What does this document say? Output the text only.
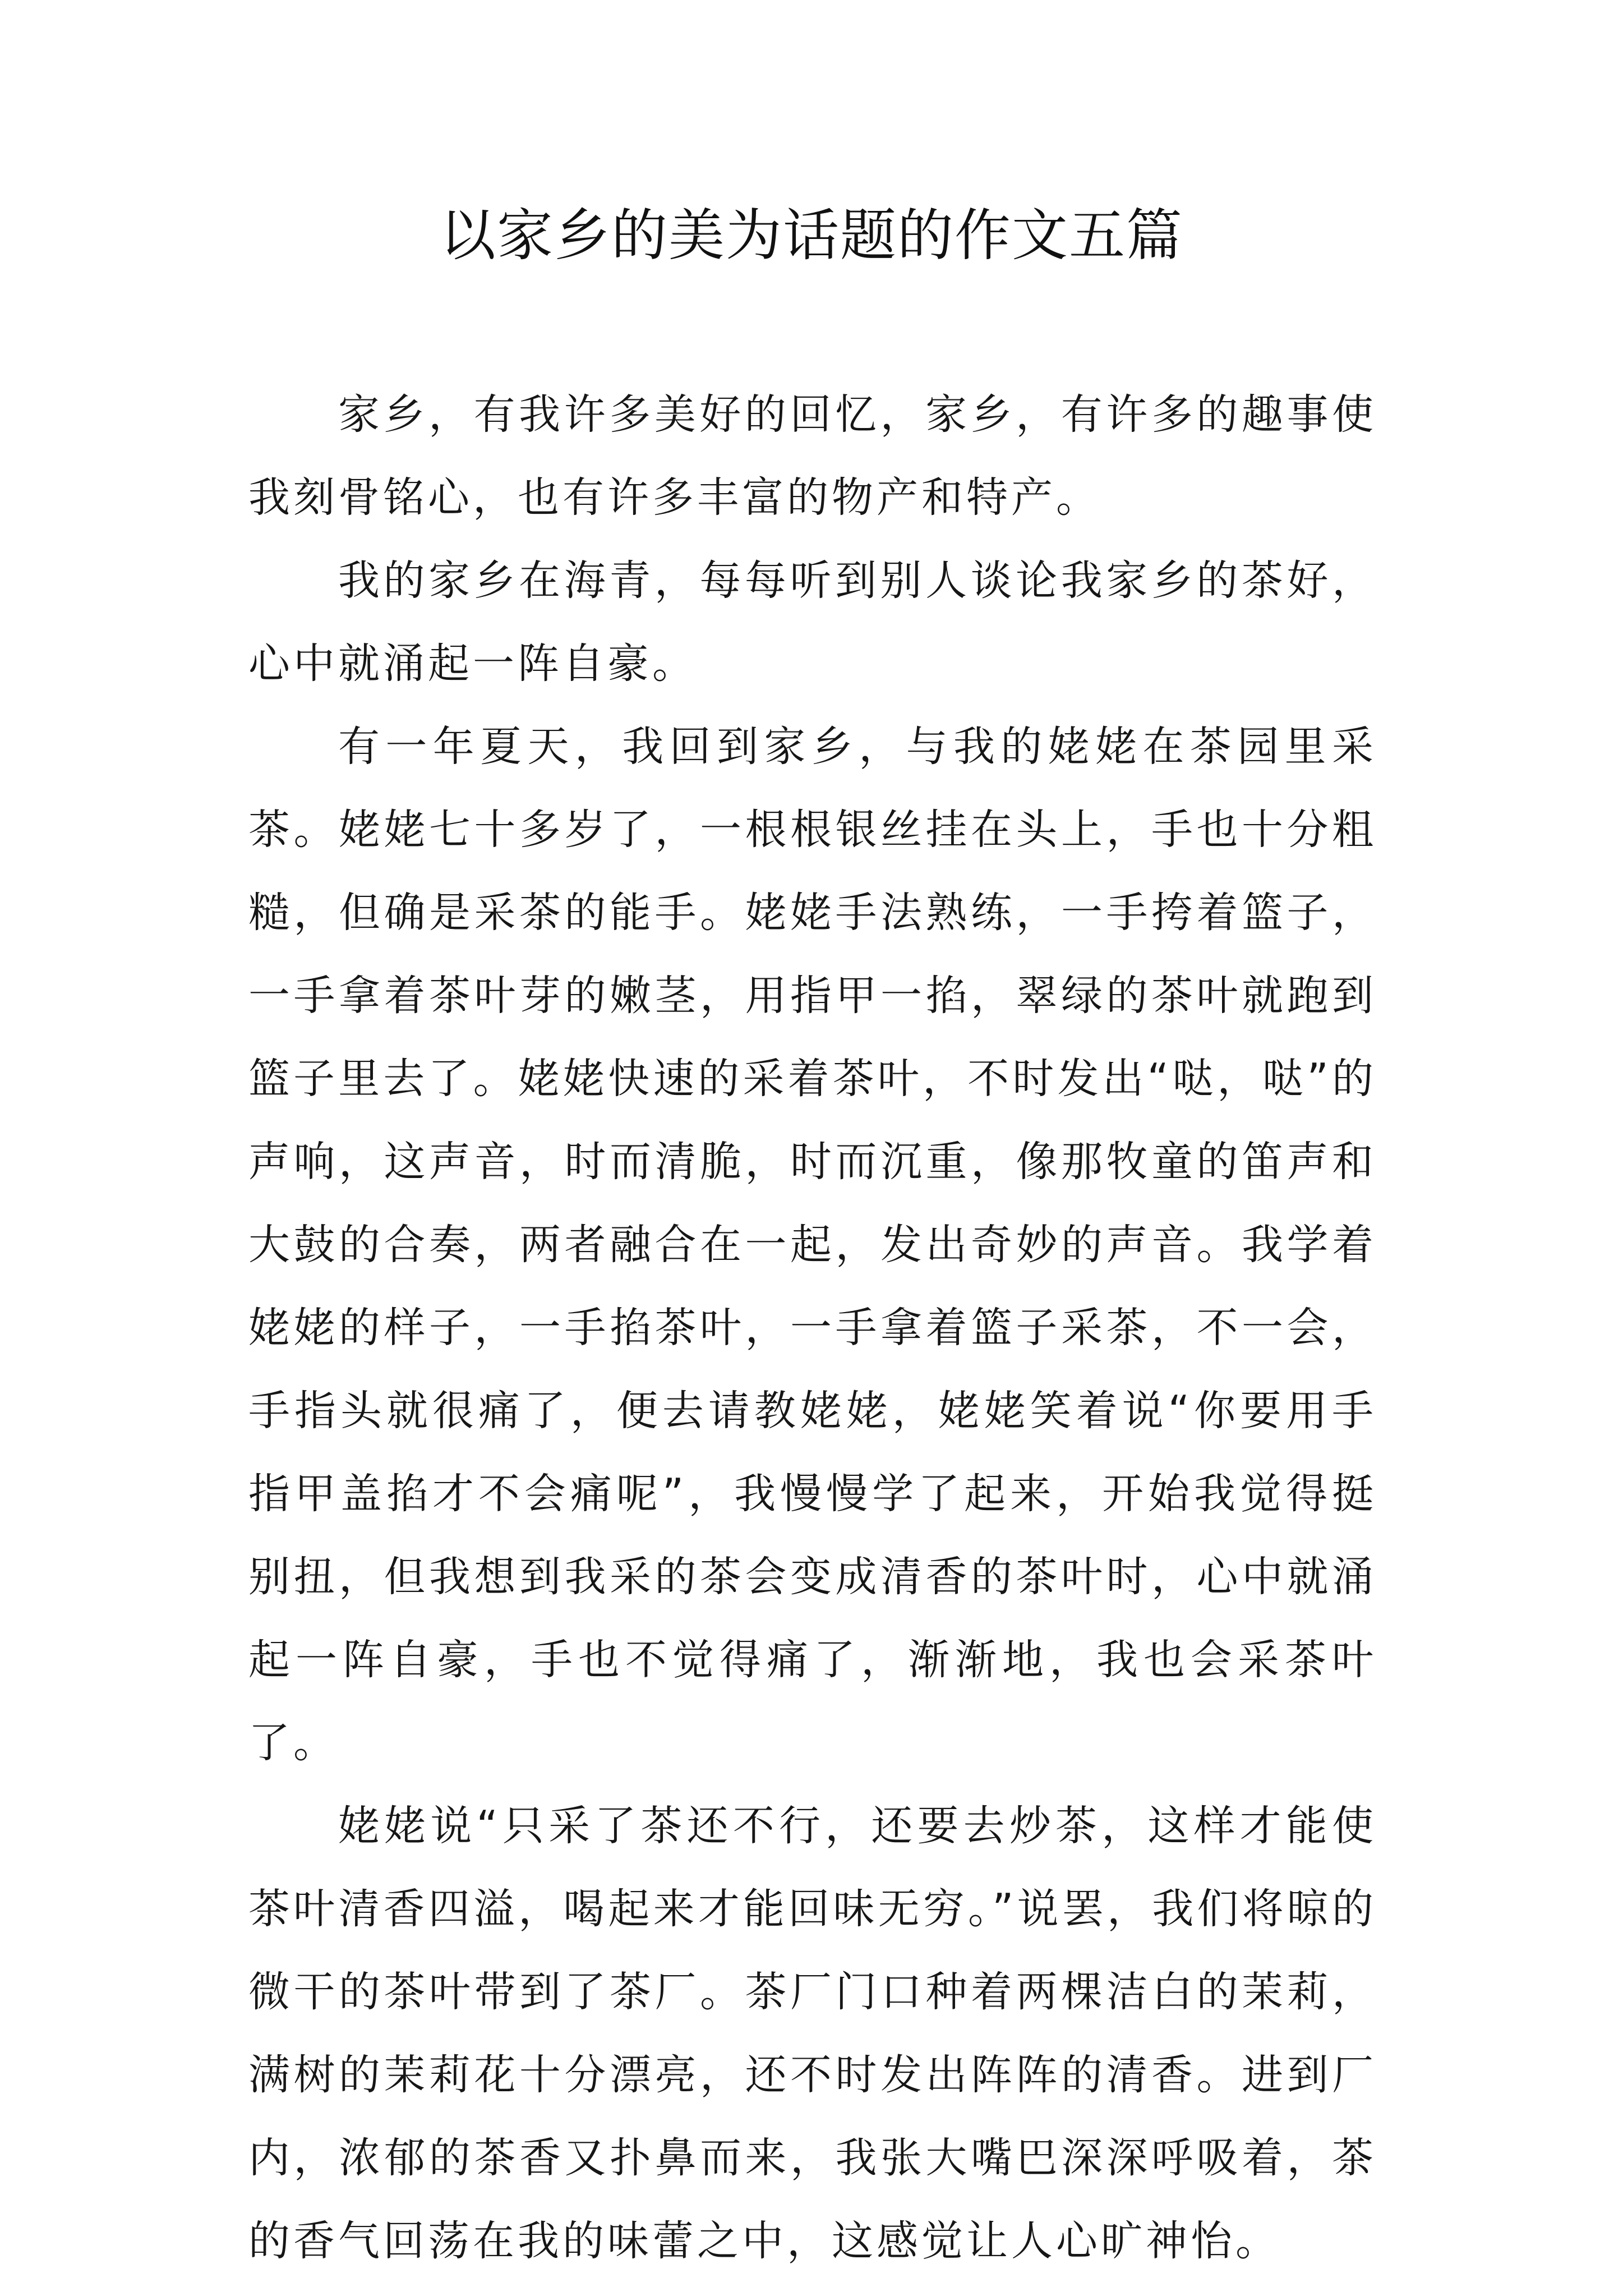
以家乡的美为话题的作文五篇

家乡，有我许多美好的回忆，家乡，有许多的趣事使我刻骨铭心，也有许多丰富的物产和特产。

我的家乡在海青，每每听到别人谈论我家乡的茶好，心中就涌起一阵自豪。

有一年夏天，我回到家乡，与我的姥姥在茶园里采茶。姥姥七十多岁了，一根根银丝挂在头上，手也十分粗糙，但确是采茶的能手。姥姥手法熟练，一手挎着篮子，一手拿着茶叶芽的嫩茎，用指甲一掐，翠绿的茶叶就跑到篮子里去了。姥姥快速的采着茶叶，不时发出“哒，哒”的声响，这声音，时而清脆，时而沉重，像那牧童的笛声和大鼓的合奏，两者融合在一起，发出奇妙的声音。我学着姥姥的样子，一手掐茶叶，一手拿着篮子采茶，不一会，手指头就很痛了，便去请教姥姥，姥姥笑着说“你要用手指甲盖掐才不会痛呢”，我慢慢学了起来，开始我觉得挺别扭，但我想到我采的茶会变成清香的茶叶时，心中就涌起一阵自豪，手也不觉得痛了，渐渐地，我也会采茶叶了。

姥姥说“只采了茶还不行，还要去炒茶，这样才能使茶叶清香四溢，喝起来才能回味无穷。”说罢，我们将晾的微干的茶叶带到了茶厂。茶厂门口种着两棵洁白的茉莉，满树的茉莉花十分漂亮，还不时发出阵阵的清香。进到厂内，浓郁的茶香又扑鼻而来，我张大嘴巴深深呼吸着，茶的香气回荡在我的味蕾之中，这感觉让人心旷神怡。
